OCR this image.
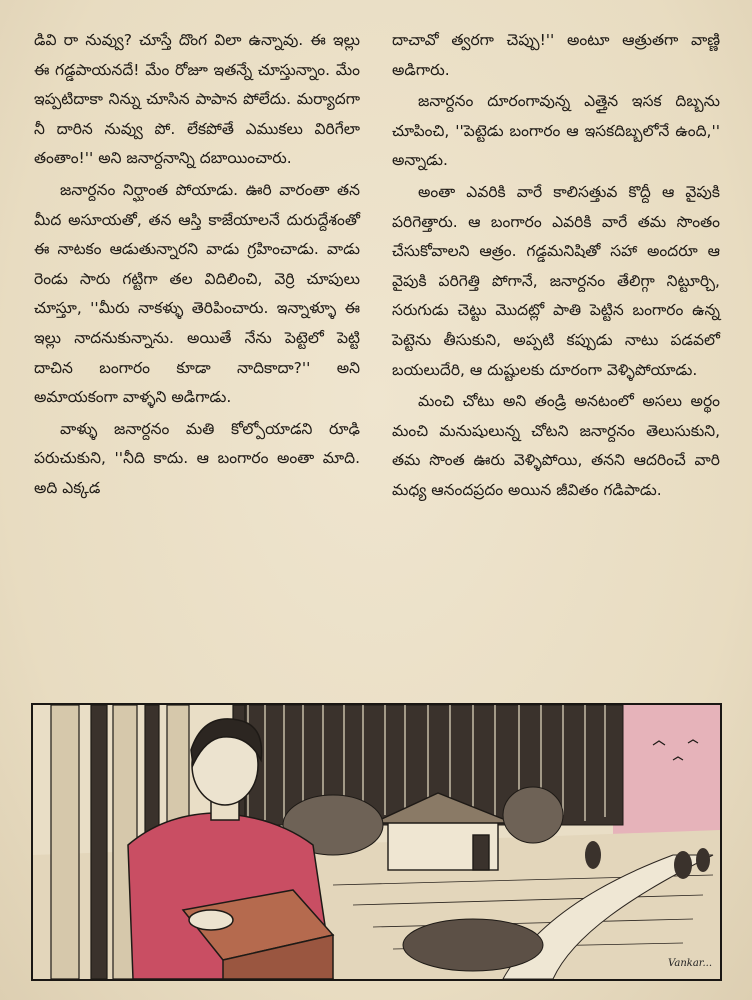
డివి రా నువ్వు? చూస్తే దొంగ విలా ఉన్నావు. ఈ ఇల్లు ఈ గడ్డపాయనదే! మేం రోజూ ఇతన్నే చూస్తున్నాం. మేం ఇప్పటిదాకా నిన్ను చూసిన పాపాన పోలేదు. మర్యాదగా నీ దారిన నువ్వు పో. లేకపోతే ఎముకలు విరిగేలా తంతాం!'' అని జనార్దనాన్ని దబాయించారు.

జనార్దనం నిర్ఘాంత పోయాడు. ఊరి వారంతా తన మీద అసూయతో, తన ఆస్తి కాజేయాలనే దురుద్దేశంతో ఈ నాటకం ఆడుతున్నారని వాడు గ్రహించాడు. వాడు రెండు సారు గట్టిగా తల విదిలించి, వెర్రి చూపులు చూస్తూ, ''మీరు నాకళ్ళు తెరిపించారు. ఇన్నాళ్ళూ ఈ ఇల్లు నాదనుకున్నాను. అయితే నేను పెట్టెలో పెట్టి దాచిన బంగారం కూడా నాదికాదా?'' అని అమాయకంగా వాళ్ళని అడిగాడు.

వాళ్ళు జనార్దనం మతి కోల్పోయాడని రూఢి పరుచుకుని, ''నీది కాదు. ఆ బంగారం అంతా మాది. అది ఎక్కడ

దాచావో త్వరగా చెప్పు!'' అంటూ ఆత్రుతగా వాణ్ణి అడిగారు.

జనార్దనం దూరంగావున్న ఎత్తైన ఇసక దిబ్బను చూపించి, ''పెట్టెడు బంగారం ఆ ఇసకదిబ్బలోనే ఉంది,'' అన్నాడు.

అంతా ఎవరికి వారే కాలిసత్తువ కొద్దీ ఆ వైపుకి పరిగెత్తారు. ఆ బంగారం ఎవరికి వారే తమ సొంతం చేసుకోవాలని ఆత్రం. గడ్డమనిషితో సహా అందరూ ఆ వైపుకి పరిగెత్తి పోగానే, జనార్దనం తేలిగ్గా నిట్టూర్చి, సరుగుడు చెట్టు మొదట్లో పాతి పెట్టిన బంగారం ఉన్న పెట్టెను తీసుకుని, అప్పటి కప్పుడు నాటు పడవలో బయలుదేరి, ఆ దుష్టులకు దూరంగా వెళ్ళిపోయాడు.

మంచి చోటు అని తండ్రి అనటంలో అసలు అర్థం మంచి మనుషులున్న చోటని జనార్దనం తెలుసుకుని, తమ సొంత ఊరు వెళ్ళిపోయి, తనని ఆదరించే వారి మధ్య ఆనందప్రదం అయిన జీవితం గడిపాడు.

Vankar...
